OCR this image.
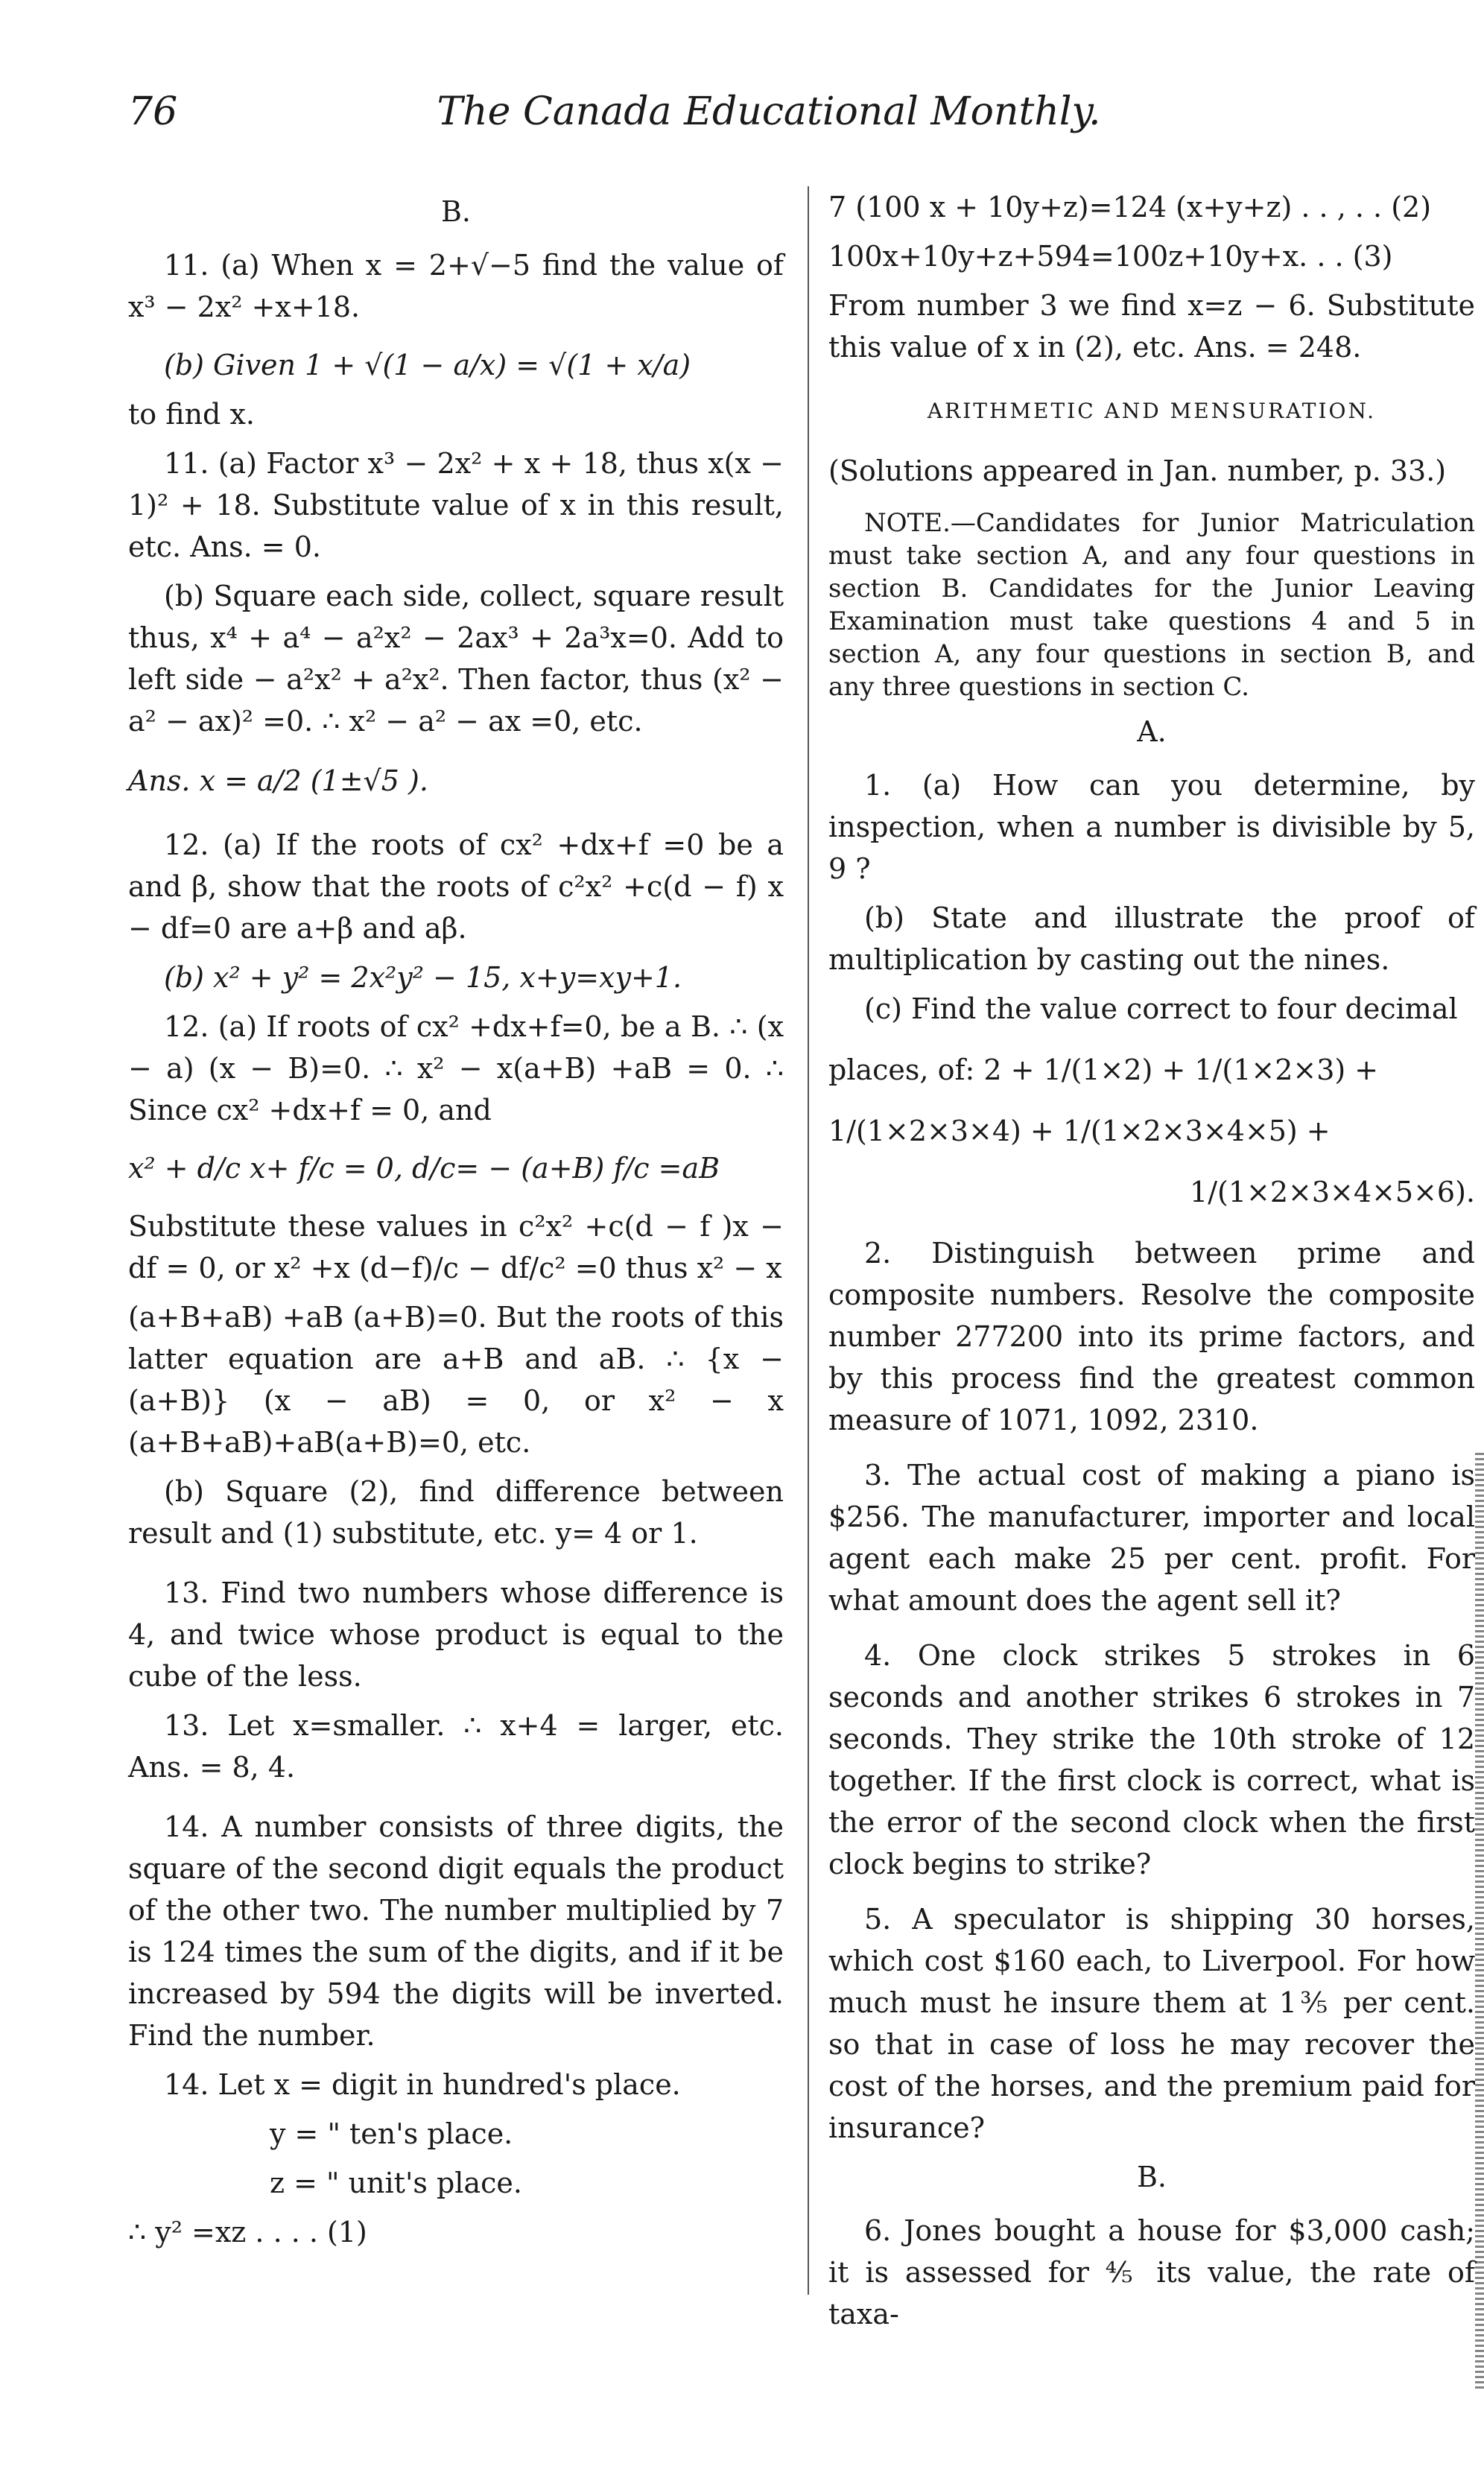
76	The Canada Educational Monthly.
B.

11. (a) When x = 2+√−5 find the value of x³ − 2x² +x+18.

(b) Given 1 + √(1 − a/x) = √(1 + x/a)

to find x.

11. (a) Factor x³ − 2x² + x + 18, thus x(x − 1)² + 18. Substitute value of x in this result, etc. Ans. = 0.

(b) Square each side, collect, square result thus, x⁴ + a⁴ − a²x² − 2ax³ + 2a³x=0. Add to left side − a²x² + a²x². Then factor, thus (x² − a² − ax)² =0. ∴ x² − a² − ax =0, etc.

Ans. x = a/2 (1±√5 ).

12. (a) If the roots of cx² +dx+f =0 be a and β, show that the roots of c²x² +c(d − f) x − df=0 are a+β and aβ.

(b) x² + y² = 2x²y² − 15, x+y=xy+1.

12. (a) If roots of cx² +dx+f=0, be a B. ∴ (x − a) (x − B)=0. ∴ x² − x(a+B) +aB = 0. ∴ Since cx² +dx+f = 0, and

x² + d/c x+ f/c = 0, d/c= − (a+B) f/c =aB

Substitute these values in c²x² +c(d − f )x − df = 0, or x² +x (d−f)/c − df/c² =0 thus x² − x

(a+B+aB) +aB (a+B)=0. But the roots of this latter equation are a+B and aB. ∴ {x − (a+B)} (x − aB) = 0, or x² − x (a+B+aB)+aB(a+B)=0, etc.

(b) Square (2), find difference between result and (1) substitute, etc. y= 4 or 1.

13. Find two numbers whose difference is 4, and twice whose product is equal to the cube of the less.

13. Let x=smaller. ∴ x+4 = larger, etc. Ans. = 8, 4.

14. A number consists of three digits, the square of the second digit equals the product of the other two. The number multiplied by 7 is 124 times the sum of the digits, and if it be increased by 594 the digits will be inverted. Find the number.

14. Let x = digit in hundred's place.

y = " ten's place.

z = " unit's place.

∴ y² =xz . . . . (1)

7 (100 x + 10y+z)=124 (x+y+z) . . , . . (2)

100x+10y+z+594=100z+10y+x. . . (3)

From number 3 we find x=z − 6. Substitute this value of x in (2), etc. Ans. = 248.

ARITHMETIC AND MENSURATION.

(Solutions appeared in Jan. number, p. 33.)

NOTE.—Candidates for Junior Matriculation must take section A, and any four questions in section B. Candidates for the Junior Leaving Examination must take questions 4 and 5 in section A, any four questions in section B, and any three questions in section C.

A.

1. (a) How can you determine, by inspection, when a number is divisible by 5, 9 ?

(b) State and illustrate the proof of multiplication by casting out the nines.

(c) Find the value correct to four decimal

places, of: 2 + 1/(1×2) + 1/(1×2×3) +

1/(1×2×3×4) + 1/(1×2×3×4×5) +

1/(1×2×3×4×5×6).

2. Distinguish between prime and composite numbers. Resolve the composite number 277200 into its prime factors, and by this process find the greatest common measure of 1071, 1092, 2310.

3. The actual cost of making a piano is $256. The manufacturer, importer and local agent each make 25 per cent. profit. For what amount does the agent sell it?

4. One clock strikes 5 strokes in 6 seconds and another strikes 6 strokes in 7 seconds. They strike the 10th stroke of 12 together. If the first clock is correct, what is the error of the second clock when the first clock begins to strike?

5. A speculator is shipping 30 horses, which cost $160 each, to Liverpool. For how much must he insure them at 1⅗ per cent. so that in case of loss he may recover the cost of the horses, and the premium paid for insurance?

B.

6. Jones bought a house for $3,000 cash; it is assessed for ⅘ its value, the rate of taxa-
